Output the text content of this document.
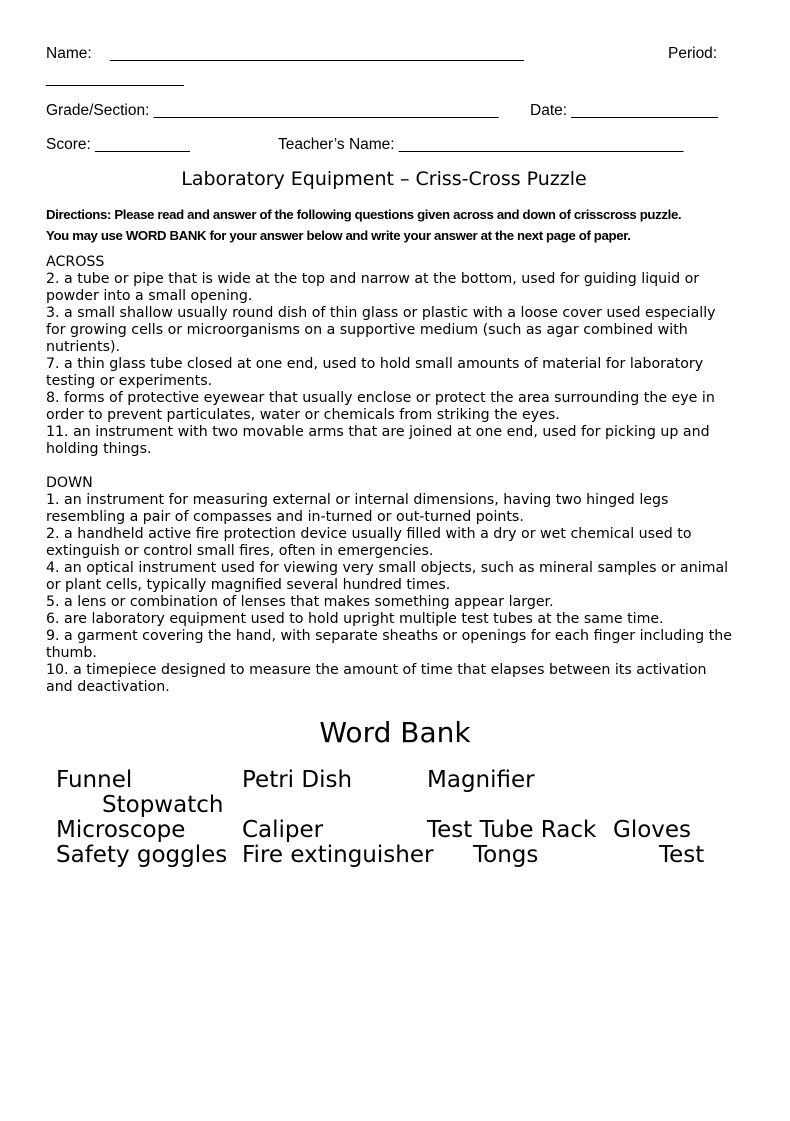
Name: ________________________________________________	Period:
________________
Grade/Section: ________________________________________ Date: _________________
Score: ___________	Teacher’s Name: _________________________________
Laboratory Equipment – Criss-Cross Puzzle
Directions: Please read and answer of the following questions given across and down of crisscross puzzle.
You may use WORD BANK for your answer below and write your answer at the next page of paper.

ACROSS

2. a tube or pipe that is wide at the top and narrow at the bottom, used for guiding liquid or powder into a small opening.

3. a small shallow usually round dish of thin glass or plastic with a loose cover used especially for growing cells or microorganisms on a supportive medium (such as agar combined with nutrients).

7. a thin glass tube closed at one end, used to hold small amounts of material for laboratory testing or experiments.

8. forms of protective eyewear that usually enclose or protect the area surrounding the eye in order to prevent particulates, water or chemicals from striking the eyes.

11. an instrument with two movable arms that are joined at one end, used for picking up and holding things.

DOWN

1. an instrument for measuring external or internal dimensions, having two hinged legs resembling a pair of compasses and in-turned or out-turned points.

2. a handheld active fire protection device usually filled with a dry or wet chemical used to extinguish or control small fires, often in emergencies.

4. an optical instrument used for viewing very small objects, such as mineral samples or animal or plant cells, typically magnified several hundred times.

5. a lens or combination of lenses that makes something appear larger.

6. are laboratory equipment used to hold upright multiple test tubes at the same time.

9. a garment covering the hand, with separate sheaths or openings for each finger including the thumb.

10. a timepiece designed to measure the amount of time that elapses between its activation and deactivation.

Word Bank

Funnel

	Petri Dish

	Magnifier

Stopwatch

Microscope

Caliper

	Test Tube Rack

Gloves

Safety goggles

Fire extinguisher

Tongs

	Test
